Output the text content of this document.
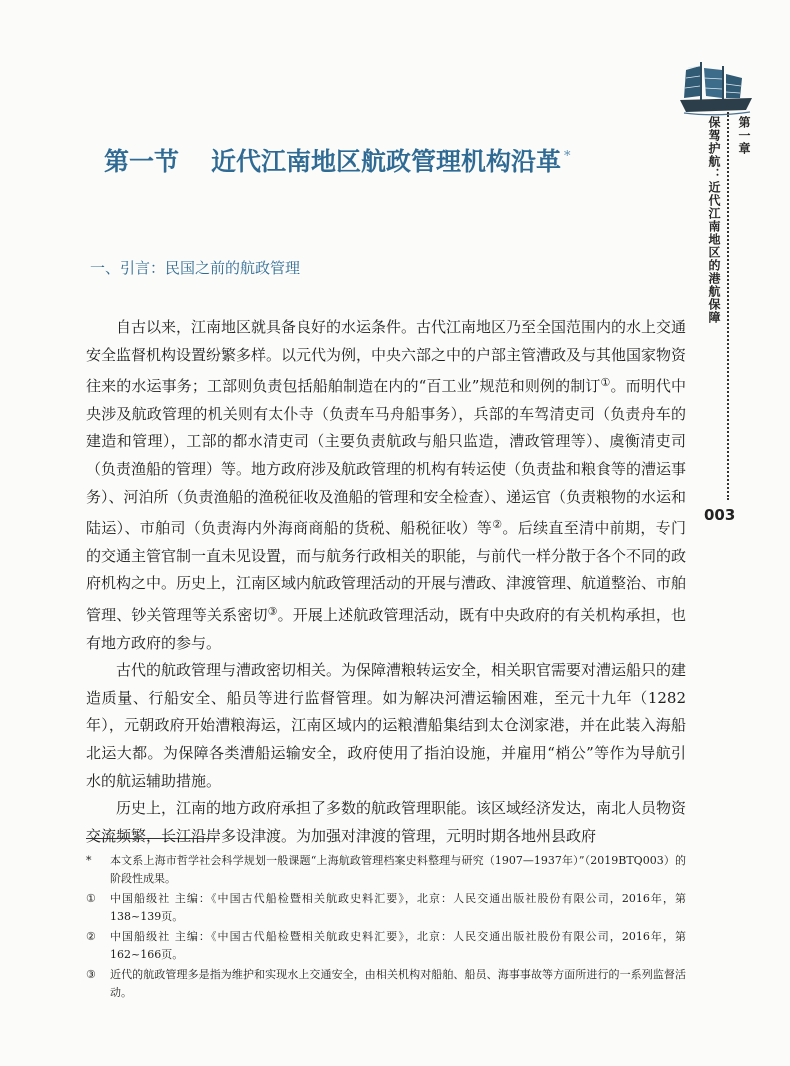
第一章
保驾护航：近代江南地区的港航保障
003
第一节 近代江南地区航政管理机构沿革 *
一、引言：民国之前的航政管理

自古以来，江南地区就具备良好的水运条件。古代江南地区乃至全国范围内的水上交通安全监督机构设置纷繁多样。以元代为例，中央六部之中的户部主管漕政及与其他国家物资往来的水运事务；工部则负责包括船舶制造在内的“百工业”规范和则例的制订①。而明代中央涉及航政管理的机关则有太仆寺（负责车马舟船事务），兵部的车驾清吏司（负责舟车的建造和管理），工部的都水清吏司（主要负责航政与船只监造，漕政管理等）、虞衡清吏司（负责渔船的管理）等。地方政府涉及航政管理的机构有转运使（负责盐和粮食等的漕运事务）、河泊所（负责渔船的渔税征收及渔船的管理和安全检查）、递运官（负责粮物的水运和陆运）、市舶司（负责海内外海商商船的货税、船税征收）等②。后续直至清中前期，专门的交通主管官制一直未见设置，而与航务行政相关的职能，与前代一样分散于各个不同的政府机构之中。历史上，江南区域内航政管理活动的开展与漕政、津渡管理、航道整治、市舶管理、钞关管理等关系密切③。开展上述航政管理活动，既有中央政府的有关机构承担，也有地方政府的参与。

古代的航政管理与漕政密切相关。为保障漕粮转运安全，相关职官需要对漕运船只的建造质量、行船安全、船员等进行监督管理。如为解决河漕运输困难，至元十九年（1282年），元朝政府开始漕粮海运，江南区域内的运粮漕船集结到太仓浏家港，并在此装入海船北运大都。为保障各类漕船运输安全，政府使用了指泊设施，并雇用“梢公”等作为导航引水的航运辅助措施。

历史上，江南的地方政府承担了多数的航政管理职能。该区域经济发达，南北人员物资交流频繁，长江沿岸多设津渡。为加强对津渡的管理，元明时期各地州县政府

*	本文系上海市哲学社会科学规划一般课题“上海航政管理档案史料整理与研究（1907—1937年）”（2019BTQ003）的阶段性成果。
①	中国船级社 主编：《中国古代船检暨相关航政史料汇要》，北京：人民交通出版社股份有限公司，2016年，第138~139页。
②	中国船级社 主编：《中国古代船检暨相关航政史料汇要》，北京：人民交通出版社股份有限公司，2016年，第162~166页。
③	近代的航政管理多是指为维护和实现水上交通安全，由相关机构对船舶、船员、海事事故等方面所进行的一系列监督活动。
